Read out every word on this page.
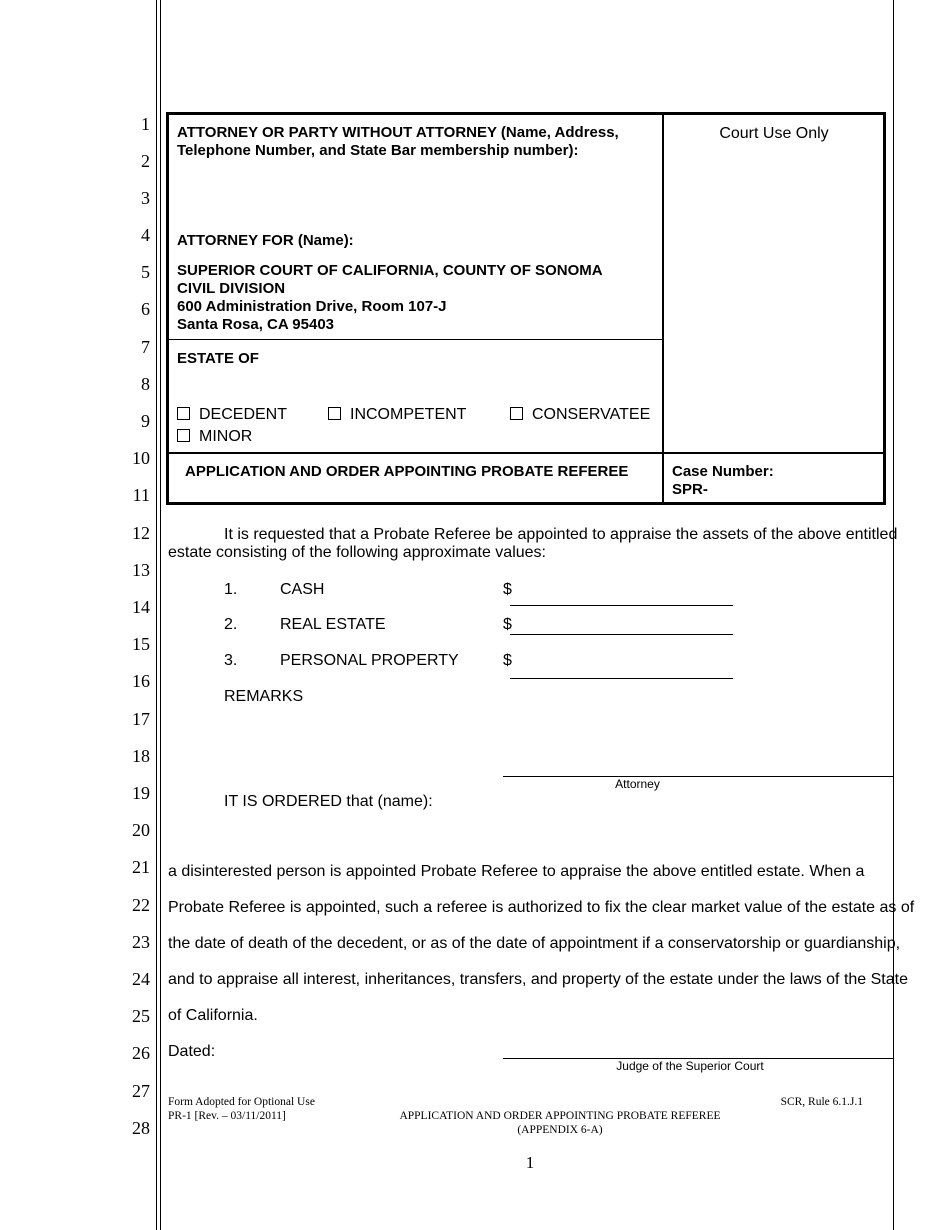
1
2
3
4
5
6
7
8
9
10
11
12
13
14
15
16
17
18
19
20
21
22
23
24
25
26
27
28
ATTORNEY OR PARTY WITHOUT ATTORNEY (Name, Address,
Telephone Number, and State Bar membership number):
ATTORNEY FOR (Name):
SUPERIOR COURT OF CALIFORNIA, COUNTY OF SONOMA
CIVIL DIVISION
600 Administration Drive, Room 107-J
Santa Rosa, CA 95403
ESTATE OF
DECEDENT	INCOMPETENT	CONSERVATEE
MINOR
Court Use Only
APPLICATION AND ORDER APPOINTING PROBATE REFEREE	Case Number:
SPR-
It is requested that a Probate Referee be appointed to appraise the assets of the above entitled
estate consisting of the following approximate values:
1.	CASH	$
2.	REAL ESTATE	$
3.	PERSONAL PROPERTY	$
REMARKS
Attorney
IT IS ORDERED that (name):
a disinterested person is appointed Probate Referee to appraise the above entitled estate. When a
Probate Referee is appointed, such a referee is authorized to fix the clear market value of the estate as of
the date of death of the decedent, or as of the date of appointment if a conservatorship or guardianship,
and to appraise all interest, inheritances, transfers, and property of the estate under the laws of the State
of California.
Dated:
Judge of the Superior Court
Form Adopted for Optional Use
PR-1 [Rev. – 03/11/2011]	APPLICATION AND ORDER APPOINTING PROBATE REFEREE
(APPENDIX 6-A)
SCR, Rule 6.1.J.1
1
